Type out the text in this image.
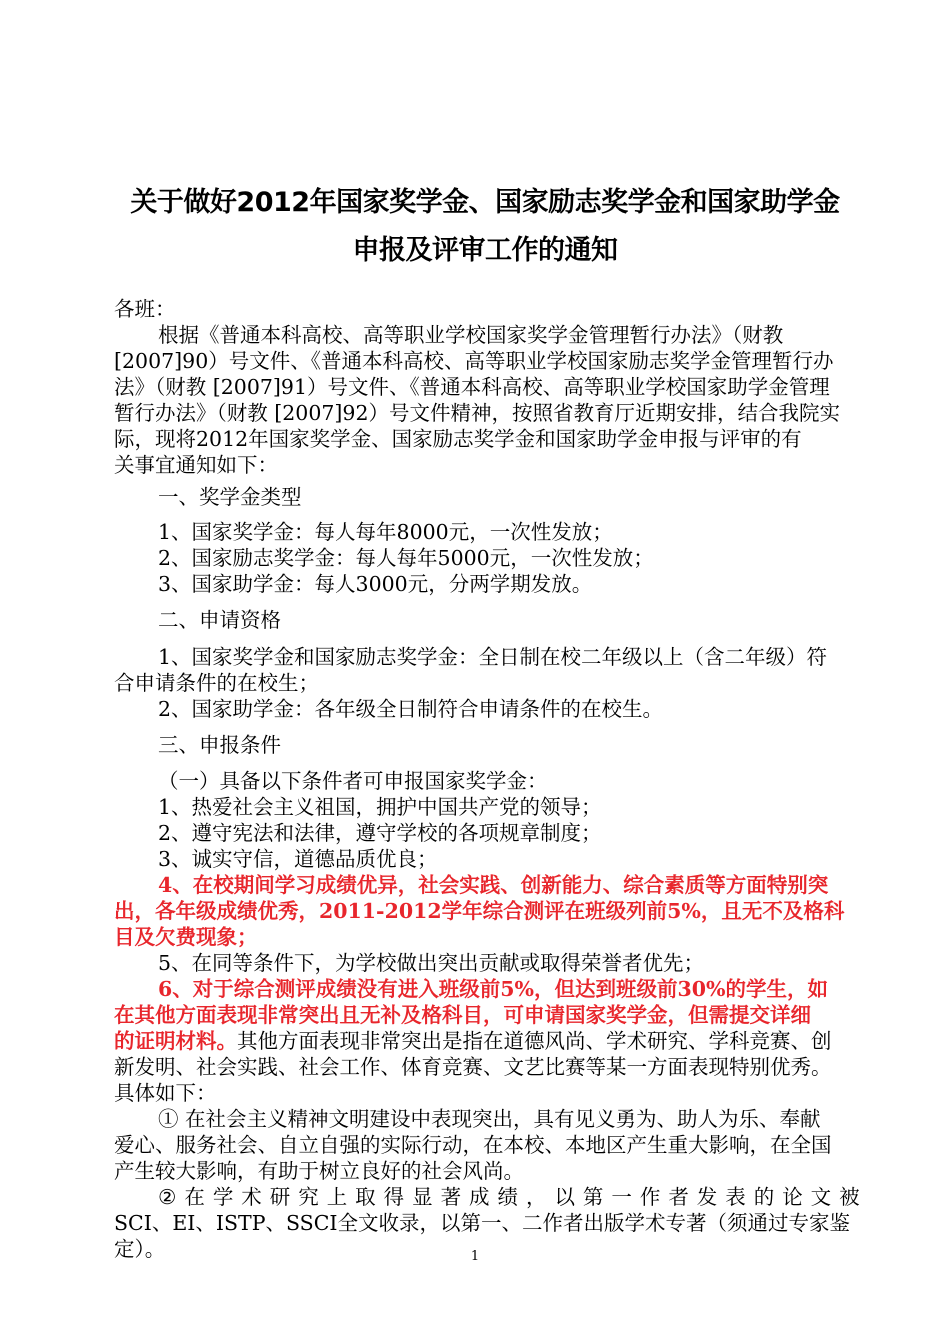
关于做好2012年国家奖学金、国家励志奖学金和国家助学金
申报及评审工作的通知
各班：
根据《普通本科高校、高等职业学校国家奖学金管理暂行办法》（财教
[2007]90）号文件、《普通本科高校、高等职业学校国家励志奖学金管理暂行办
法》（财教 [2007]91）号文件、《普通本科高校、高等职业学校国家助学金管理
暂行办法》（财教 [2007]92）号文件精神，按照省教育厅近期安排，结合我院实
际，现将2012年国家奖学金、国家励志奖学金和国家助学金申报与评审的有
关事宜通知如下：
一、奖学金类型
1、国家奖学金：每人每年8000元，一次性发放；
2、国家励志奖学金：每人每年5000元，一次性发放；
3、国家助学金：每人3000元，分两学期发放。
二、申请资格
1、国家奖学金和国家励志奖学金：全日制在校二年级以上（含二年级）符
合申请条件的在校生；
2、国家助学金：各年级全日制符合申请条件的在校生。
三、申报条件
（一）具备以下条件者可申报国家奖学金：
1、热爱社会主义祖国，拥护中国共产党的领导；
2、遵守宪法和法律，遵守学校的各项规章制度；
3、诚实守信，道德品质优良；
4、在校期间学习成绩优异，社会实践、创新能力、综合素质等方面特别突
出，各年级成绩优秀，2011-2012学年综合测评在班级列前5%，且无不及格科
目及欠费现象；
5、在同等条件下，为学校做出突出贡献或取得荣誉者优先；
6、对于综合测评成绩没有进入班级前5%，但达到班级前30%的学生，如
在其他方面表现非常突出且无补及格科目，可申请国家奖学金，但需提交详细
的证明材料。其他方面表现非常突出是指在道德风尚、学术研究、学科竞赛、创
新发明、社会实践、社会工作、体育竞赛、文艺比赛等某一方面表现特别优秀。
具体如下：
① 在社会主义精神文明建设中表现突出，具有见义勇为、助人为乐、奉献
爱心、服务社会、自立自强的实际行动，在本校、本地区产生重大影响，在全国
产生较大影响，有助于树立良好的社会风尚。
② 在 学 术 研 究 上 取 得 显 著 成 绩 ， 以 第 一 作 者 发 表 的 论 文 被
SCI、EI、ISTP、SSCI全文收录，以第一、二作者出版学术专著（须通过专家鉴
定）。	1
